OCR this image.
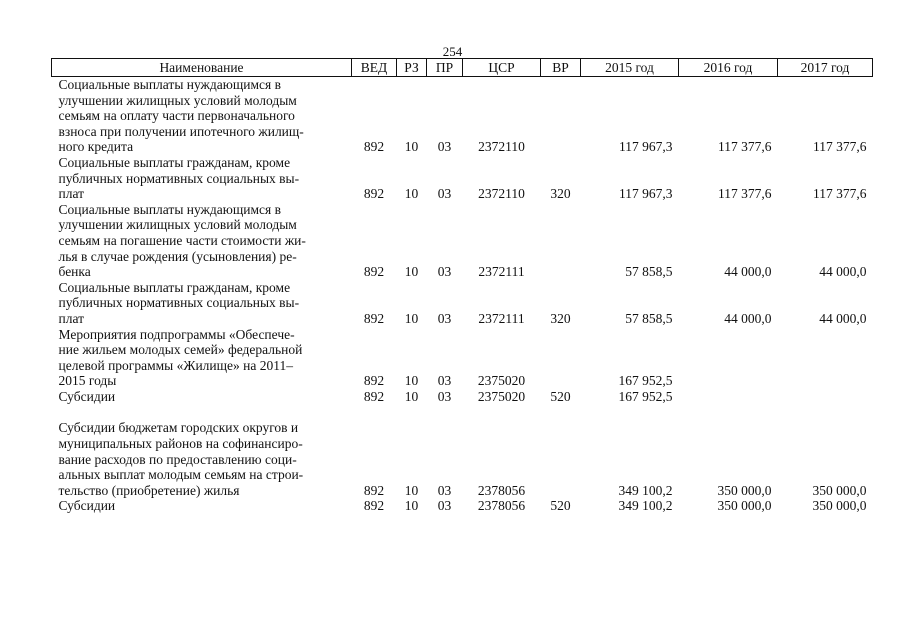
254
Наименование	ВЕД	РЗ	ПР	ЦСР	ВР	2015 год	2016 год	2017 год

Социальные выплаты нуждающимся в
улучшении жилищных условий молодым
семьям на оплату части первоначального
взноса при получении ипотечного жилищ-
ного кредита	892	10	03	2372110		117 967,3	117 377,6	117 377,6

Социальные выплаты гражданам, кроме
публичных нормативных социальных вы-
плат	892	10	03	2372110	320	117 967,3	117 377,6	117 377,6

Социальные выплаты нуждающимся в
улучшении жилищных условий молодым
семьям на погашение части стоимости жи-
лья в случае рождения (усыновления) ре-
бенка	892	10	03	2372111		57 858,5	44 000,0	44 000,0

Социальные выплаты гражданам, кроме
публичных нормативных социальных вы-
плат	892	10	03	2372111	320	57 858,5	44 000,0	44 000,0

Мероприятия подпрограммы «Обеспече-
ние жильем молодых семей» федеральной
целевой программы «Жилище» на 2011–
2015 годы	892	10	03	2375020		167 952,5		

Субсидии	892	10	03	2375020	520	167 952,5		

Субсидии бюджетам городских округов и
муниципальных районов на софинансиро-
вание расходов по предоставлению соци-
альных выплат молодым семьям на строи-
тельство (приобретение) жилья	892	10	03	2378056		349 100,2	350 000,0	350 000,0

Субсидии	892	10	03	2378056	520	349 100,2	350 000,0	350 000,0
